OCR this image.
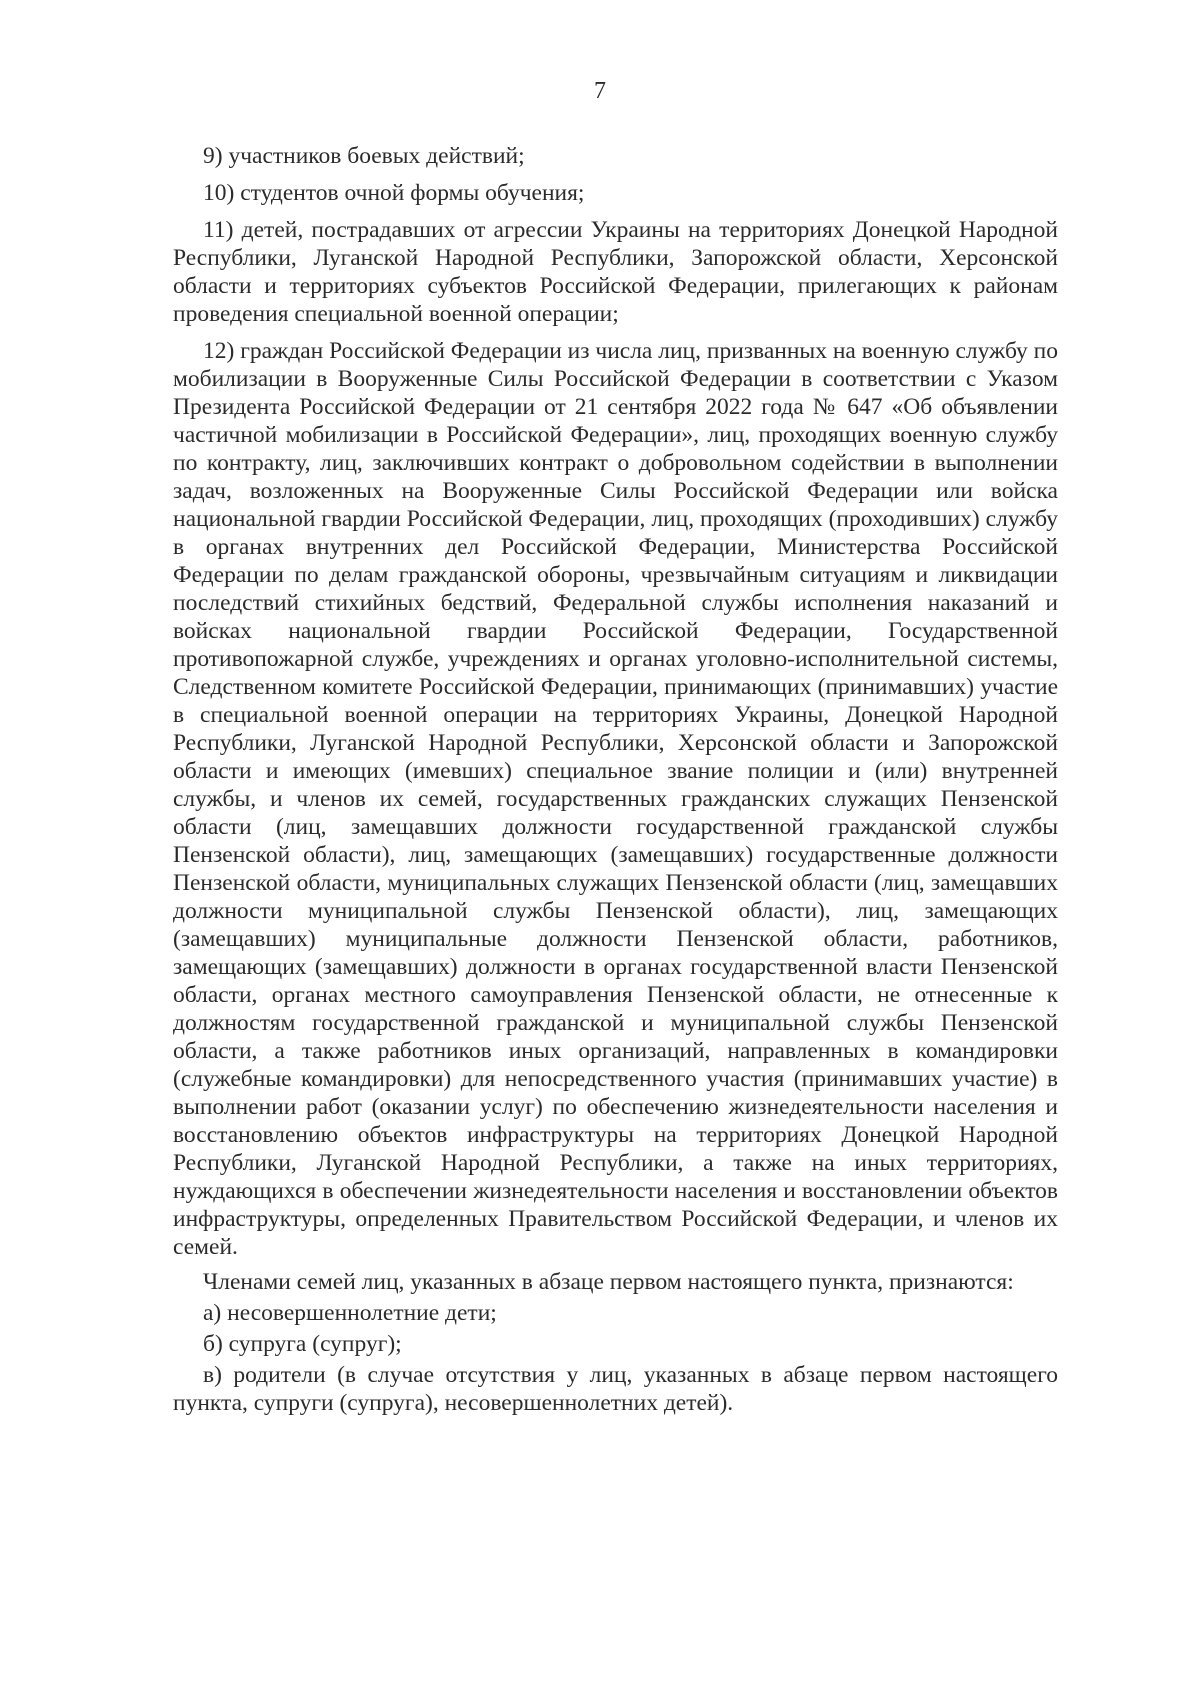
7

9) участников боевых действий;

10) студентов очной формы обучения;

11) детей, пострадавших от агрессии Украины на территориях Донецкой Народной Республики, Луганской Народной Республики, Запорожской области, Херсонской области и территориях субъектов Российской Федерации, прилегающих к районам проведения специальной военной операции;

12) граждан Российской Федерации из числа лиц, призванных на военную службу по мобилизации в Вооруженные Силы Российской Федерации в соответствии с Указом Президента Российской Федерации от 21 сентября 2022 года № 647 «Об объявлении частичной мобилизации в Российской Федерации», лиц, проходящих военную службу по контракту, лиц, заключивших контракт о добровольном содействии в выполнении задач, возложенных на Вооруженные Силы Российской Федерации или войска национальной гвардии Российской Федерации, лиц, проходящих (проходивших) службу в органах внутренних дел Российской Федерации, Министерства Российской Федерации по делам гражданской обороны, чрезвычайным ситуациям и ликвидации последствий стихийных бедствий, Федеральной службы исполнения наказаний и войсках национальной гвардии Российской Федерации, Государственной противопожарной службе, учреждениях и органах уголовно-исполнительной системы, Следственном комитете Российской Федерации, принимающих (принимавших) участие в специальной военной операции на территориях Украины, Донецкой Народной Республики, Луганской Народной Республики, Херсонской области и Запорожской области и имеющих (имевших) специальное звание полиции и (или) внутренней службы, и членов их семей, государственных гражданских служащих Пензенской области (лиц, замещавших должности государственной гражданской службы Пензенской области), лиц, замещающих (замещавших) государственные должности Пензенской области, муниципальных служащих Пензенской области (лиц, замещавших должности муниципальной службы Пензенской области), лиц, замещающих (замещавших) муниципальные должности Пензенской области, работников, замещающих (замещавших) должности в органах государственной власти Пензенской области, органах местного самоуправления Пензенской области, не отнесенные к должностям государственной гражданской и муниципальной службы Пензенской области, а также работников иных организаций, направленных в командировки (служебные командировки) для непосредственного участия (принимавших участие) в выполнении работ (оказании услуг) по обеспечению жизнедеятельности населения и восстановлению объектов инфраструктуры на территориях Донецкой Народной Республики, Луганской Народной Республики, а также на иных территориях, нуждающихся в обеспечении жизнедеятельности населения и восстановлении объектов инфраструктуры, определенных Правительством Российской Федерации, и членов их семей.

Членами семей лиц, указанных в абзаце первом настоящего пункта, признаются:

а) несовершеннолетние дети;

б) супруга (супруг);

в) родители (в случае отсутствия у лиц, указанных в абзаце первом настоящего пункта, супруги (супруга), несовершеннолетних детей).
